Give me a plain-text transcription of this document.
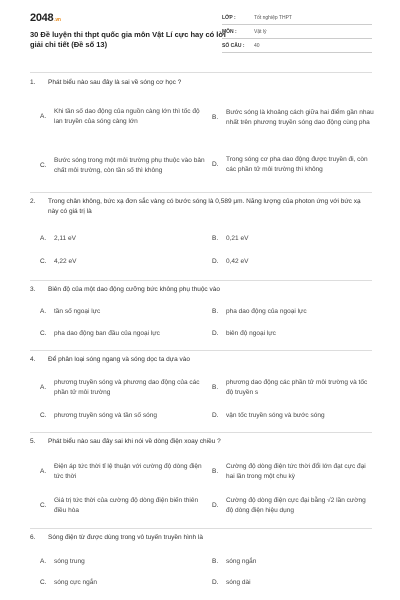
2048.vn
30 Đề luyện thi thpt quốc gia môn Vật Lí cực hay có lời giải chi tiết (Đề số 13)
LỚP :	Tốt nghiệp THPT
MÔN :	Vật lý
SỐ CÂU :	40
1.	Phát biểu nào sau đây là sai về sóng cơ học ?
A.
Khi tần số dao động của nguồn càng lớn thì tốc độ lan truyền của sóng càng lớn
B.
Bước sóng là khoảng cách giữa hai điểm gần nhau nhất trên phương truyền sóng dao động cùng pha
C.
Bước sóng trong một môi trường phụ thuộc vào bản chất môi trường, còn tần số thì không
D.
Trong sóng cơ pha dao động được truyền đi, còn các phần tử môi trường thì không
2.	Trong chân không, bức xạ đơn sắc vàng có bước sóng là 0,589 μm. Năng lượng của photon ứng với bức xạ này có giá trị là
A.	2,11 eV	B.	0,21 eV
C.	4,22 eV	D.	0,42 eV
3.	Biên độ của một dao động cưỡng bức không phụ thuộc vào
A.	tần số ngoại lực	B.	pha dao động của ngoại lực
C.	pha dao động ban đầu của ngoại lực	D.	biên độ ngoại lực
4.	Để phân loại sóng ngang và sóng dọc ta dựa vào
A.
phương truyền sóng và phương dao động của các phần tử môi trường
B.
phương dao động các phần tử môi trường và tốc độ truyền s
C.	phương truyền sóng và tần số sóng	D.	vận tốc truyền sóng và bước sóng
5.	Phát biểu nào sau đây sai khi nói về dòng điện xoay chiều ?
A.
Điện áp tức thời tỉ lệ thuận với cường độ dòng điện tức thời
B.
Cường độ dòng điện tức thời đổi lớn đạt cực đại hai lần trong một chu kỳ
C.
Giá trị tức thời của cường độ dòng điện biến thiên điều hòa
D.
Cường độ dòng điện cực đại bằng √2 lần cường độ dòng điện hiệu dụng
6.	Sóng điện từ được dùng trong vô tuyến truyền hình là
A.	sóng trung	B.	sóng ngắn
C.	sóng cực ngắn	D.	sóng dài
